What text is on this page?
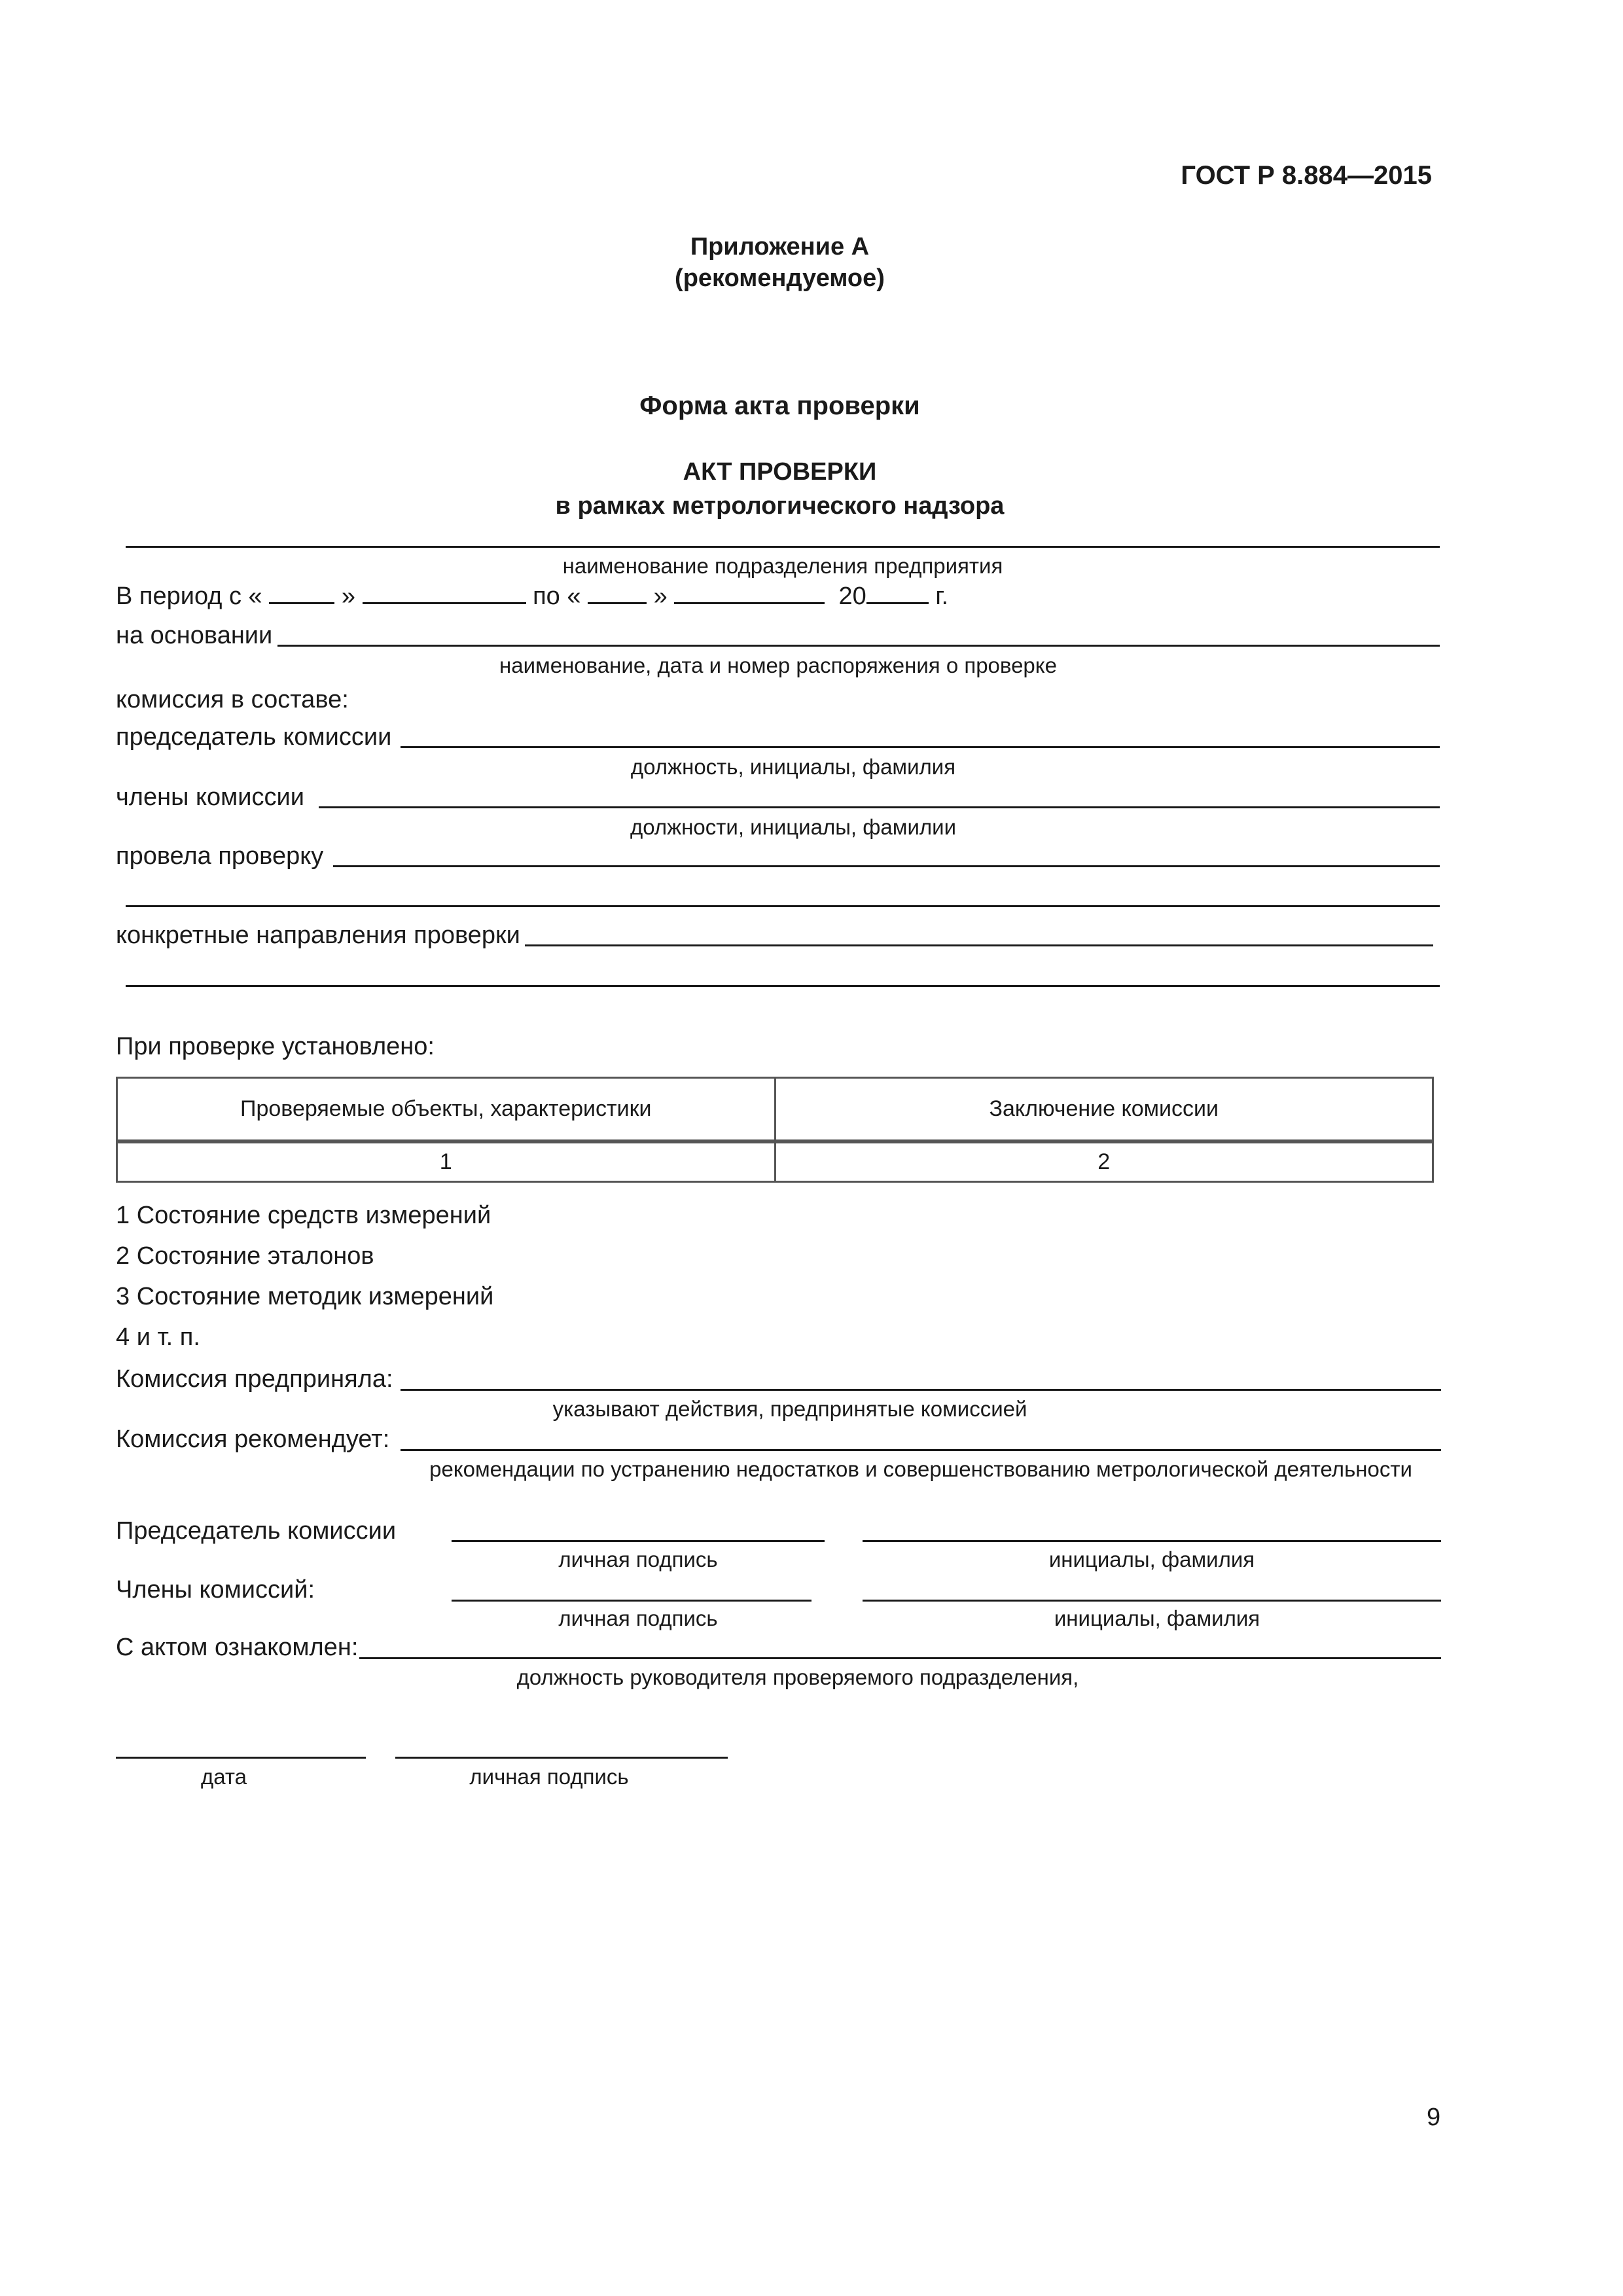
ГОСТ Р 8.884—2015
Приложение А
(рекомендуемое)
Форма акта проверки
АКТ ПРОВЕРКИ
в рамках метрологического надзора
наименование подразделения предприятия
В период с «	»	по «	»	20	г.
на основании
наименование, дата и номер распоряжения о проверке
комиссия в составе:
председатель комиссии
должность, инициалы, фамилия
члены комиссии
должности, инициалы, фамилии
провела проверку
конкретные направления проверки
При проверке установлено:
Проверяемые объекты, характеристики	Заключение комиссии
1	2
1 Состояние средств измерений
2 Состояние эталонов
3 Состояние методик измерений
4 и т. п.
Комиссия предприняла:
указывают действия, предпринятые комиссией
Комиссия рекомендует:
рекомендации по устранению недостатков и совершенствованию метрологической деятельности
Председатель комиссии
личная подпись	инициалы, фамилия
Члены комиссий:
личная подпись	инициалы, фамилия
С актом ознакомлен:
должность руководителя проверяемого подразделения,
дата	личная подпись
9
